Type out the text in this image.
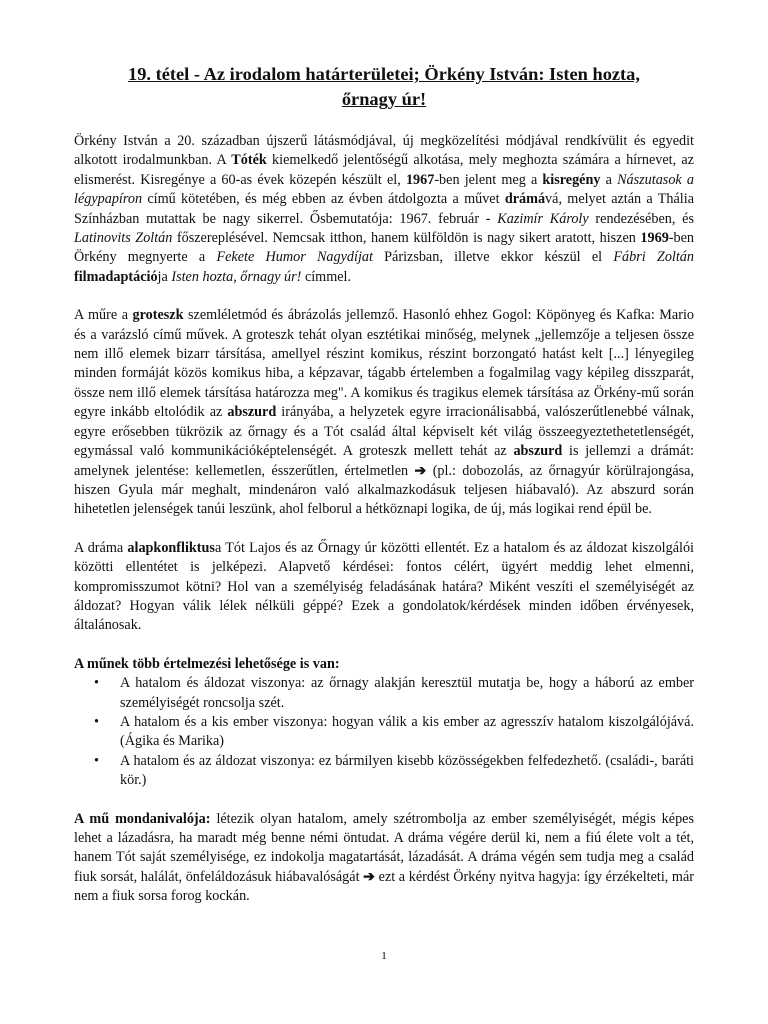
19. tétel - Az irodalom határterületei; Örkény István: Isten hozta, őrnagy úr!

Örkény István a 20. században újszerű látásmódjával, új megközelítési módjával rendkívülit és egyedit alkotott irodalmunkban. A Tóték kiemelkedő jelentőségű alkotása, mely meghozta számára a hírnevet, az elismerést. Kisregénye a 60-as évek közepén készült el, 1967-ben jelent meg a kisregény a Nászutasok a légypapíron című kötetében, és még ebben az évben átdolgozta a művet drámává, melyet aztán a Thália Színházban mutattak be nagy sikerrel. Ősbemutatója: 1967. február - Kazimír Károly rendezésében, és Latinovits Zoltán főszereplésével. Nemcsak itthon, hanem külföldön is nagy sikert aratott, hiszen 1969-ben Örkény megnyerte a Fekete Humor Nagydíjat Párizsban, illetve ekkor készül el Fábri Zoltán filmadaptációja Isten hozta, őrnagy úr! címmel.

A műre a groteszk szemléletmód és ábrázolás jellemző. Hasonló ehhez Gogol: Köpönyeg és Kafka: Mario és a varázsló című művek. A groteszk tehát olyan esztétikai minőség, melynek „jellemzője a teljesen össze nem illő elemek bizarr társítása, amellyel részint komikus, részint borzongató hatást kelt [...] lényegileg minden formáját közös komikus hiba, a képzavar, tágabb értelemben a fogalmilag vagy képileg disszparát, össze nem illő elemek társítása határozza meg". A komikus és tragikus elemek társítása az Örkény-mű során egyre inkább eltolódik az abszurd irányába, a helyzetek egyre irracionálisabbá, valószerűtlenebbé válnak, egyre erősebben tükrözik az őrnagy és a Tót család által képviselt két világ összeegyeztethetetlenségét, egymással való kommunikációképtelenségét. A groteszk mellett tehát az abszurd is jellemzi a drámát: amelynek jelentése: kellemetlen, ésszerűtlen, értelmetlen ➔ (pl.: dobozolás, az őrnagyúr körülrajongása, hiszen Gyula már meghalt, mindenáron való alkalmazkodásuk teljesen hiábavaló). Az abszurd során hihetetlen jelenségek tanúi leszünk, ahol felborul a hétköznapi logika, de új, más logikai rend épül be.

A dráma alapkonfliktusa Tót Lajos és az Őrnagy úr közötti ellentét. Ez a hatalom és az áldozat kiszolgálói közötti ellentétet is jelképezi. Alapvető kérdései: fontos célért, ügyért meddig lehet elmenni, kompromisszumot kötni? Hol van a személyiség feladásának határa? Miként veszíti el személyiségét az áldozat? Hogyan válik lélek nélküli géppé? Ezek a gondolatok/kérdések minden időben érvényesek, általánosak.

A műnek több értelmezési lehetősége is van:
• A hatalom és áldozat viszonya: az őrnagy alakján keresztül mutatja be, hogy a háború az ember személyiségét roncsolja szét.
• A hatalom és a kis ember viszonya: hogyan válik a kis ember az agresszív hatalom kiszolgálójává. (Ágika és Marika)
• A hatalom és az áldozat viszonya: ez bármilyen kisebb közösségekben felfedezhető. (családi-, baráti kör.)

A mű mondanivalója: létezik olyan hatalom, amely szétrombolja az ember személyiségét, mégis képes lehet a lázadásra, ha maradt még benne némi öntudat. A dráma végére derül ki, nem a fiú élete volt a tét, hanem Tót saját személyisége, ez indokolja magatartását, lázadását. A dráma végén sem tudja meg a család fiuk sorsát, halálát, önfeláldozásuk hiábavalóságát ➔ ezt a kérdést Örkény nyitva hagyja: így érzékelteti, már nem a fiuk sorsa forog kockán.

1
